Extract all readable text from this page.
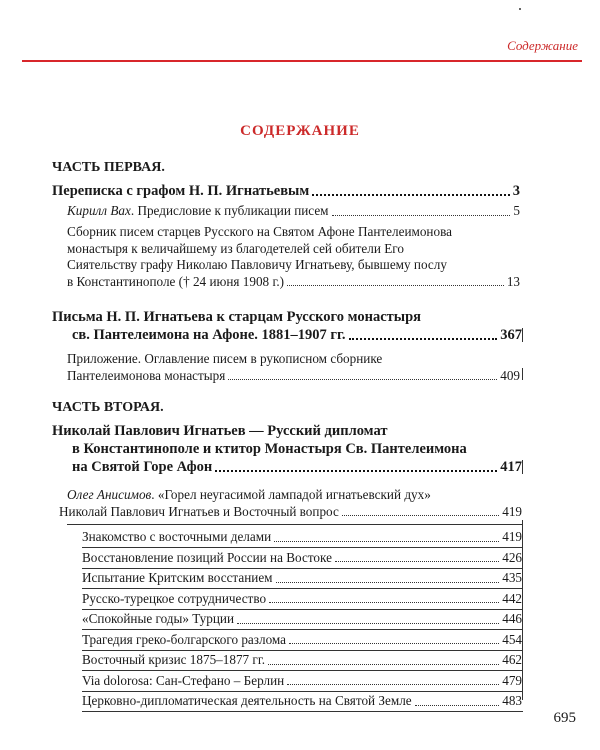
Содержание
СОДЕРЖАНИЕ
ЧАСТЬ ПЕРВАЯ.
Переписка с графом Н. П. Игнатьевым	3
Кирилл Вах. Предисловие к публикации писем	5
Сборник писем старцев Русского на Святом Афоне Пантелеимонова
монастыря к величайшему из благодетелей сей обители Его
Сиятельству графу Николаю Павловичу Игнатьеву, бывшему послу
в Константинополе († 24 июня 1908 г.)	13
Письма Н. П. Игнатьева к старцам Русского монастыря
св. Пантелеимона на Афоне. 1881–1907 гг.	367
Приложение. Оглавление писем в рукописном сборнике
Пантелеимонова монастыря	409
ЧАСТЬ ВТОРАЯ.
Николай Павлович Игнатьев — Русский дипломат
в Константинополе и ктитор Монастыря Св. Пантелеимона
на Святой Горе Афон	417
Олег Анисимов. «Горел неугасимой лампадой игнатьевский дух»
Николай Павлович Игнатьев и Восточный вопрос	419
Знакомство с восточными делами	419
Восстановление позиций России на Востоке	426
Испытание Критским восстанием	435
Русско-турецкое сотрудничество	442
«Спокойные годы» Турции	446
Трагедия греко-болгарского разлома	454
Восточный кризис 1875–1877 гг.	462
Via dolorosa: Сан-Стефано – Берлин	479
Церковно-дипломатическая деятельность на Святой Земле	483
695
